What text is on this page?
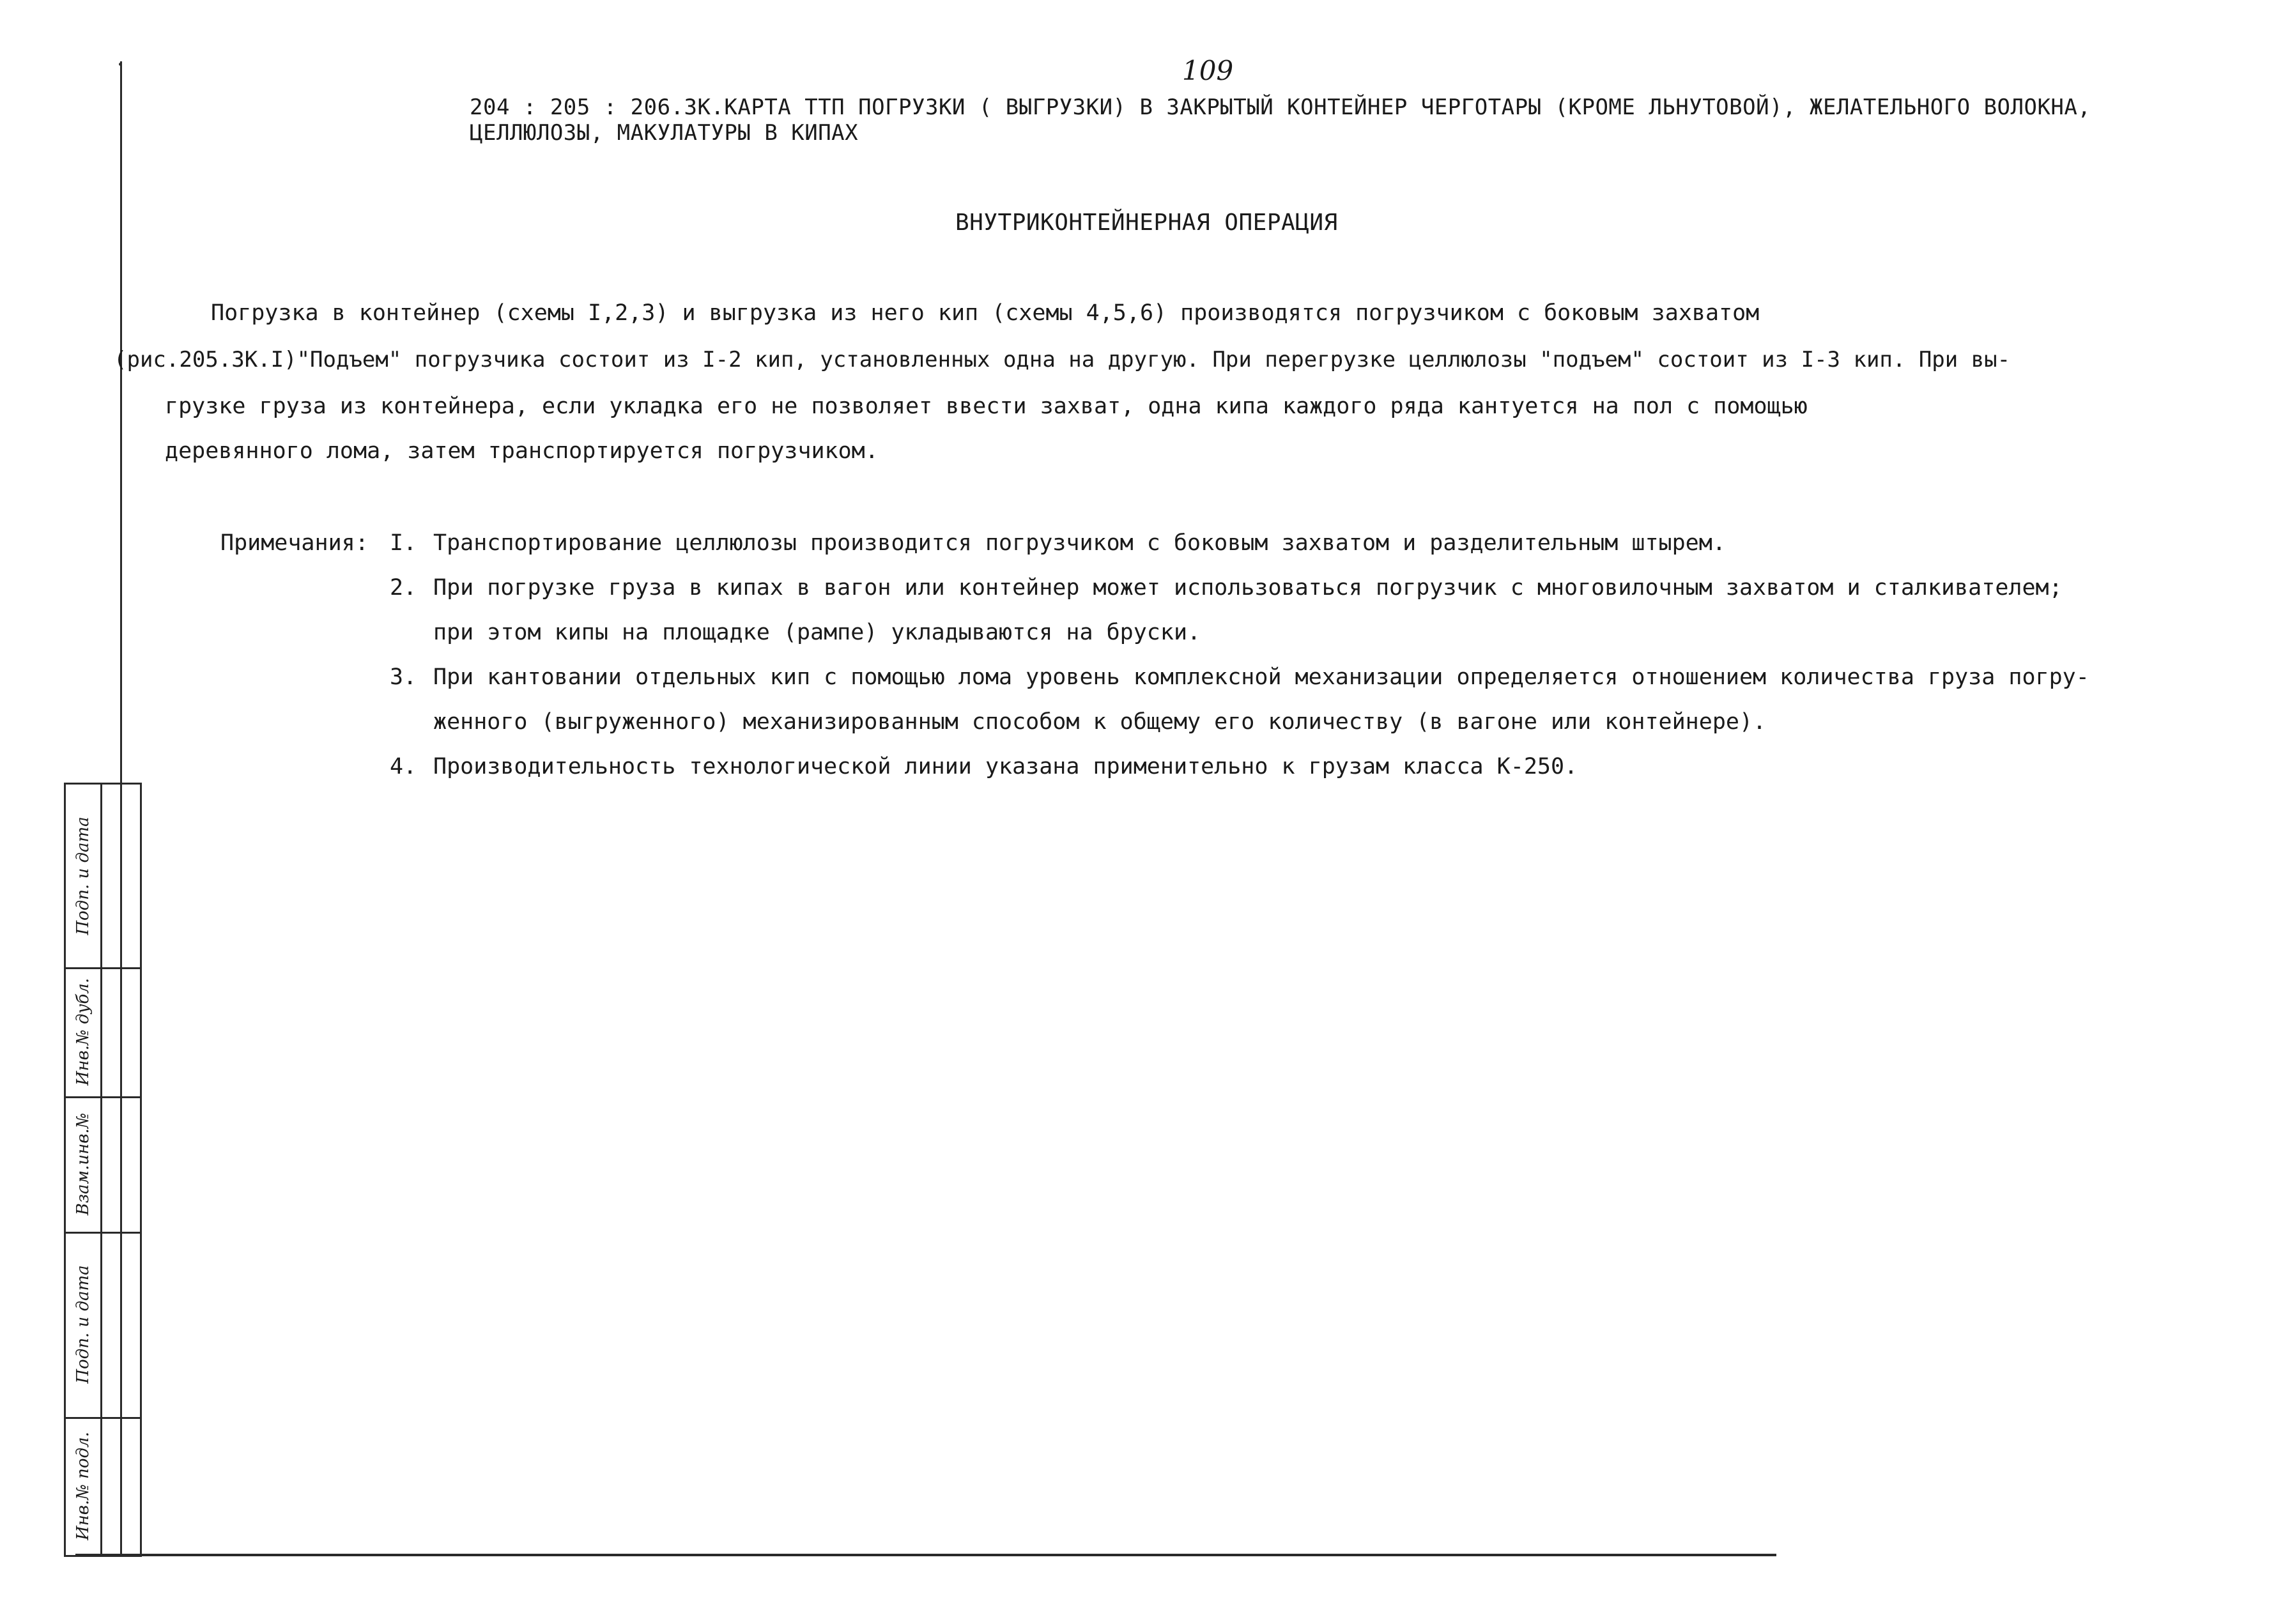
109
204 : 205 : 206.ЗК.КАРТА ТТП ПОГРУЗКИ ( ВЫГРУЗКИ) В ЗАКРЫТЫЙ КОНТЕЙНЕР ЧЕРГОТАРЫ (КРОМЕ ЛЬНУТОВОЙ), ЖЕЛАТЕЛЬНОГО ВОЛОКНА,
ЦЕЛЛЮЛОЗЫ, МАКУЛАТУРЫ В КИПАХ
ВНУТРИКОНТЕЙНЕРНАЯ ОПЕРАЦИЯ
Погрузка в контейнер (схемы I,2,3) и выгрузка из него кип (схемы 4,5,6) производятся погрузчиком с боковым захватом
(рис.205.ЗК.I)"Подъем" погрузчика состоит из I-2 кип, установленных одна на другую. При перегрузке целлюлозы "подъем" состоит из I-3 кип. При вы-
грузке груза из контейнера, если укладка его не позволяет ввести захват, одна кипа каждого ряда кантуется на пол с помощью
деревянного лома, затем транспортируется погрузчиком.
Примечания: I. Транспортирование целлюлозы производится погрузчиком с боковым захватом и разделительным штырем.
2. При погрузке груза в кипах в вагон или контейнер может использоваться погрузчик с многовилочным захватом и сталкивателем;
при этом кипы на площадке (рампе) укладываются на бруски.
3. При кантовании отдельных кип с помощью лома уровень комплексной механизации определяется отношением количества груза погру-
женного (выгруженного) механизированным способом к общему его количеству (в вагоне или контейнере).
4. Производительность технологической линии указана применительно к грузам класса К-250.
Подп. и дата
Инв.№ дубл.
Взам.инв.№
Подп. и дата
Инв.№ подл.
